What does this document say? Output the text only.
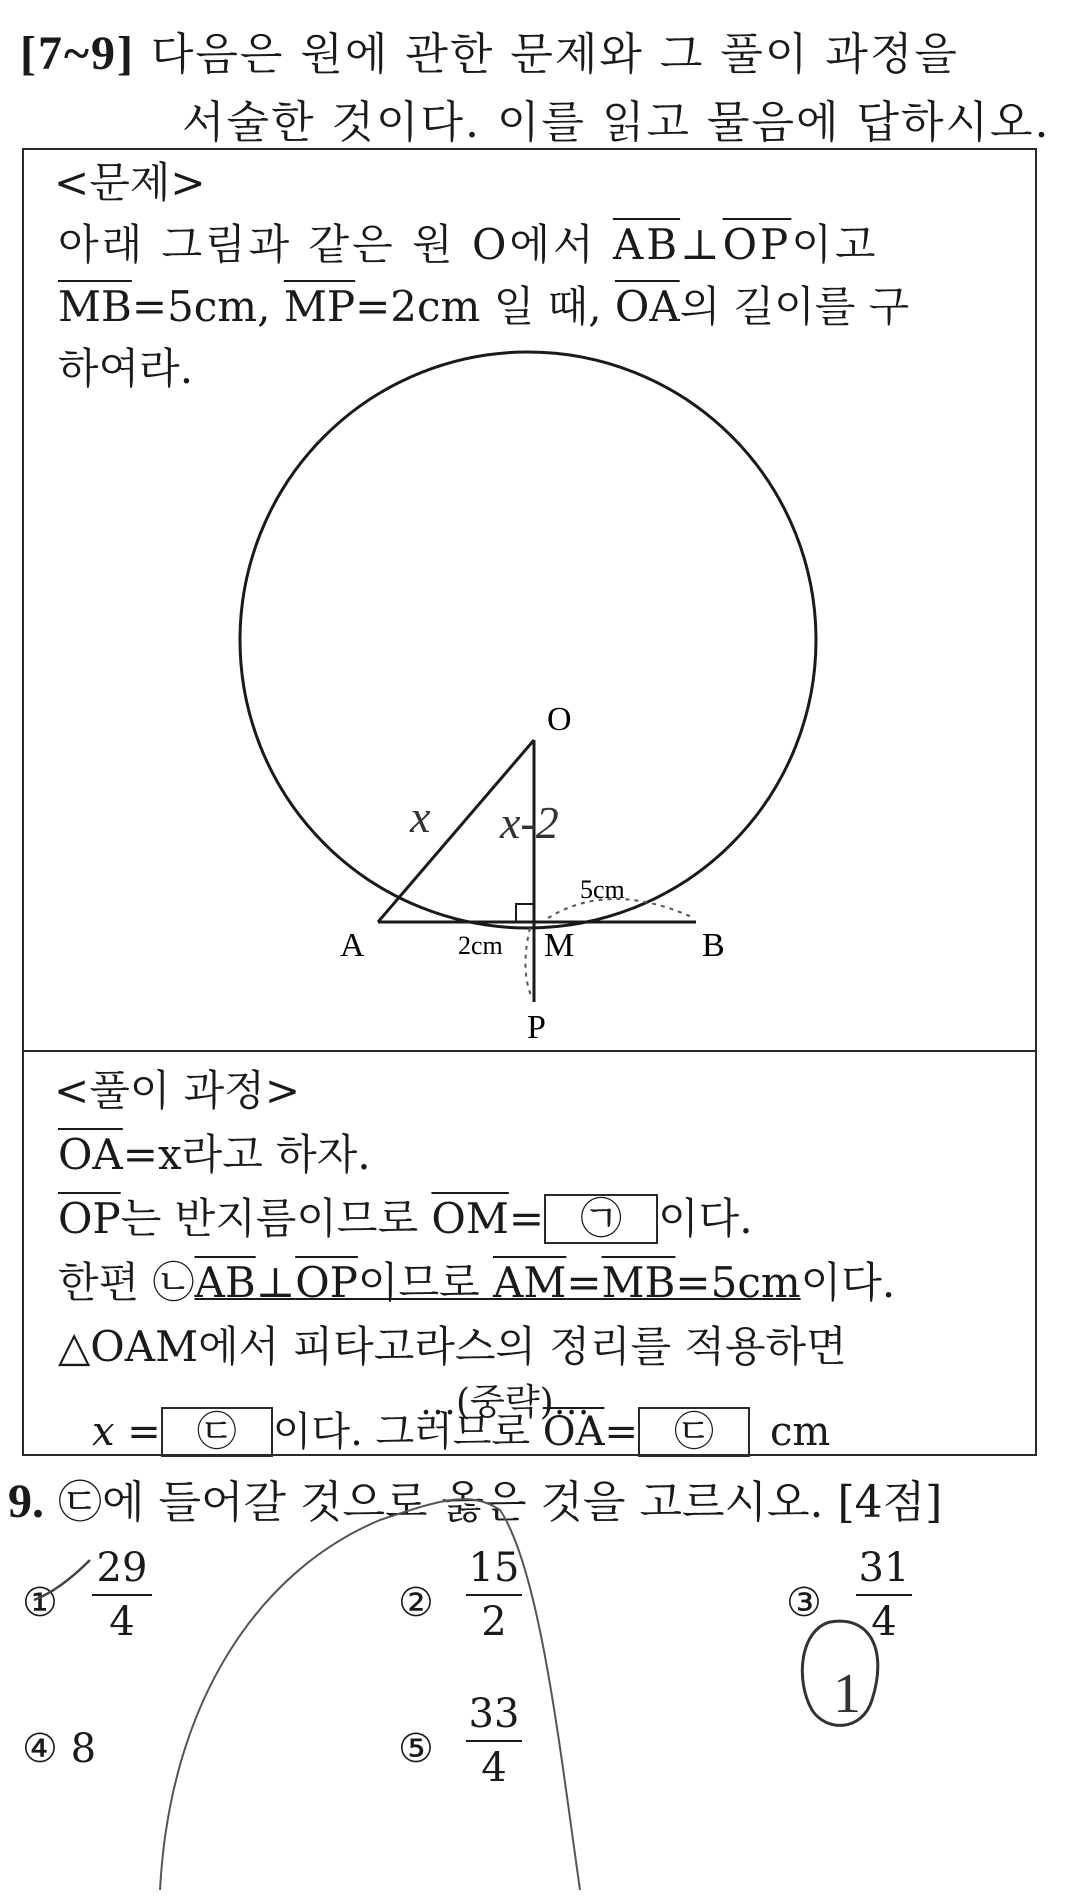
[7~9] 다음은 원에 관한 문제와 그 풀이 과정을
서술한 것이다. 이를 읽고 물음에 답하시오.
<문제>
아래 그림과 같은 원 O에서 $\overline{AB}\perp\overline{OP}$이고
$\overline{MB}=5cm$, $\overline{MP}=2cm$ 일 때, $\overline{OA}$의 길이를 구
하여라.
O
A	B
M
P
5cm
2cm
x x-2
<풀이 과정>
$\overline{OA}=x$라고 하자.
$\overline{OP}$는 반지름이므로 $\overline{OM}=$ ㉠ 이다.
한편 ㉡AB⊥OP이므로 AM=MB=5cm이다.
△OAM에서 피타고라스의 정리를 적용하면
…(중략)…
x = ㉢ 이다. 그러므로 $\overline{OA}=$ ㉢ cm
9. ㉢에 들어갈 것으로 옳은 것을 고르시오. [4점]
①
29
4	②
15
2	③
31
4
④ 8	⑤
33
4
1
